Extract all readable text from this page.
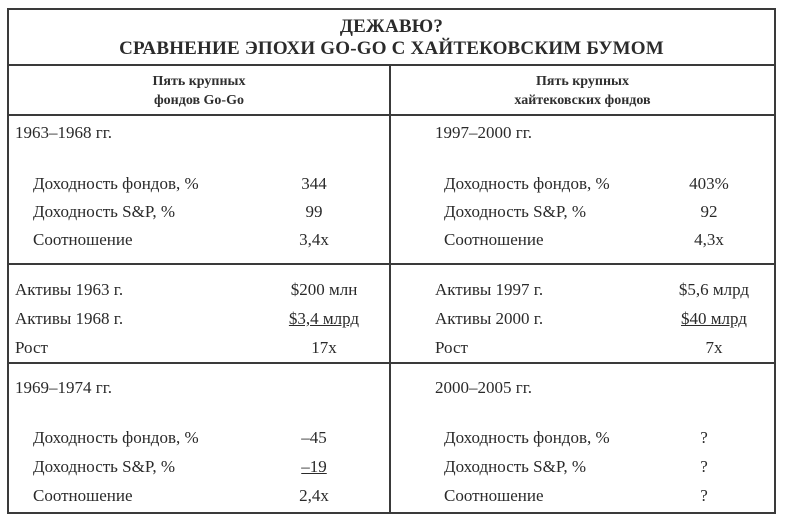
ДЕЖАВЮ?
СРАВНЕНИЕ ЭПОХИ GO-GO С ХАЙТЕКОВСКИМ БУМОМ
Пять крупных
фондов Go-Go
Пять крупных
хайтековских фондов
1963–1968 гг.
Доходность фондов, %	344
Доходность S&P, %	99
Соотношение	3,4x
1997–2000 гг.
Доходность фондов, %	403%
Доходность S&P, %	92
Соотношение	4,3x
Активы 1963 г.	$200 млн
Активы 1968 г.	$3,4 млрд
Рост	17x
Активы 1997 г.	$5,6 млрд
Активы 2000 г.	$40 млрд
Рост	7x
1969–1974 гг.
Доходность фондов, %	–45
Доходность S&P, %	–19
Соотношение	2,4x
2000–2005 гг.
Доходность фондов, %	?
Доходность S&P, %	?
Соотношение	?
